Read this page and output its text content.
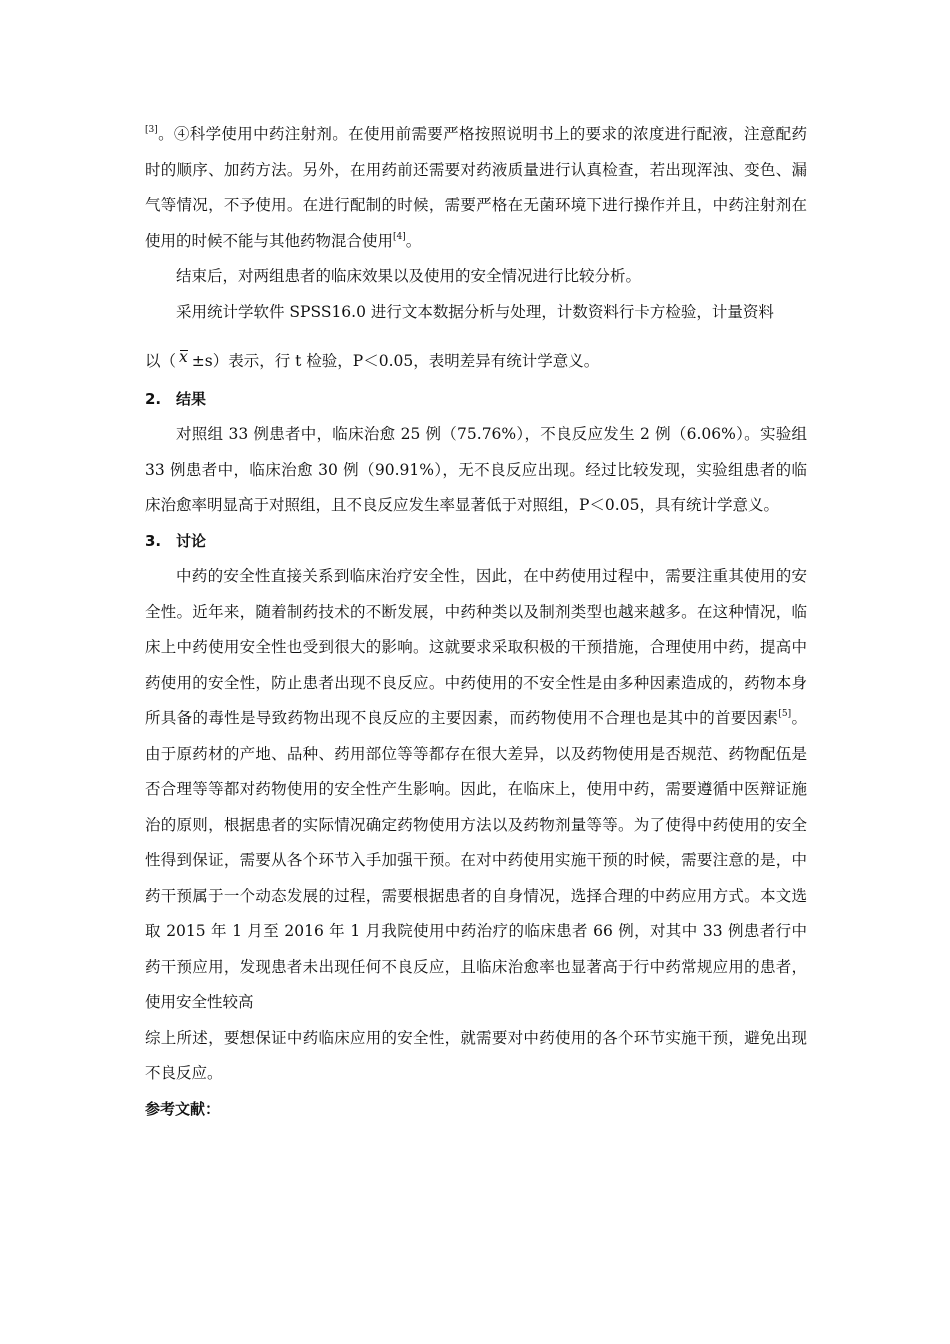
[3]。④科学使用中药注射剂。在使用前需要严格按照说明书上的要求的浓度进行配液，注意配药时的顺序、加药方法。另外，在用药前还需要对药液质量进行认真检查，若出现浑浊、变色、漏气等情况，不予使用。在进行配制的时候，需要严格在无菌环境下进行操作并且，中药注射剂在使用的时候不能与其他药物混合使用[4]。

结束后，对两组患者的临床效果以及使用的安全情况进行比较分析。

采用统计学软件 SPSS16.0 进行文本数据分析与处理，计数资料行卡方检验，计量资料

以（ x ±s）表示，行 t 检验，P＜0.05，表明差异有统计学意义。

2. 结果

对照组 33 例患者中，临床治愈 25 例（75.76%），不良反应发生 2 例（6.06%）。实验组 33 例患者中，临床治愈 30 例（90.91%），无不良反应出现。经过比较发现，实验组患者的临床治愈率明显高于对照组，且不良反应发生率显著低于对照组，P＜0.05，具有统计学意义。

3. 讨论

中药的安全性直接关系到临床治疗安全性，因此，在中药使用过程中，需要注重其使用的安全性。近年来，随着制药技术的不断发展，中药种类以及制剂类型也越来越多。在这种情况，临床上中药使用安全性也受到很大的影响。这就要求采取积极的干预措施，合理使用中药，提高中药使用的安全性，防止患者出现不良反应。中药使用的不安全性是由多种因素造成的，药物本身所具备的毒性是导致药物出现不良反应的主要因素，而药物使用不合理也是其中的首要因素[5]。由于原药材的产地、品种、药用部位等等都存在很大差异，以及药物使用是否规范、药物配伍是否合理等等都对药物使用的安全性产生影响。因此，在临床上，使用中药，需要遵循中医辩证施治的原则，根据患者的实际情况确定药物使用方法以及药物剂量等等。为了使得中药使用的安全性得到保证，需要从各个环节入手加强干预。在对中药使用实施干预的时候，需要注意的是，中药干预属于一个动态发展的过程，需要根据患者的自身情况，选择合理的中药应用方式。本文选取 2015 年 1 月至 2016 年 1 月我院使用中药治疗的临床患者 66 例，对其中 33 例患者行中药干预应用，发现患者未出现任何不良反应，且临床治愈率也显著高于行中药常规应用的患者，使用安全性较高

综上所述，要想保证中药临床应用的安全性，就需要对中药使用的各个环节实施干预，避免出现不良反应。

参考文献：
